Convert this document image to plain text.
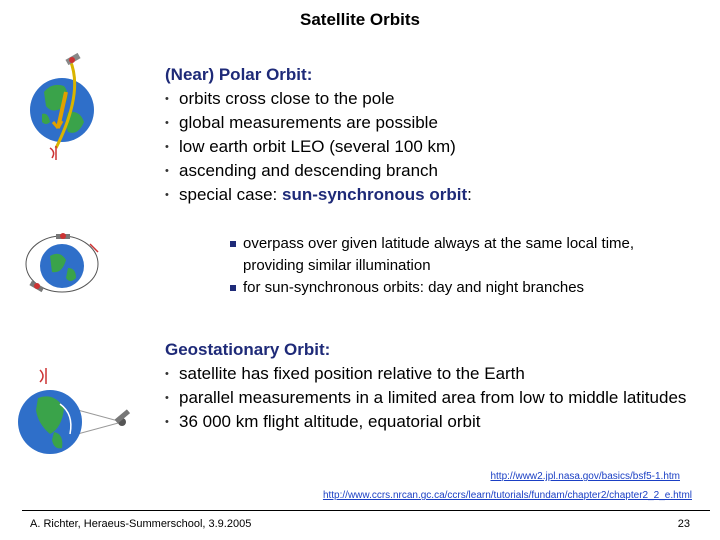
Satellite Orbits
(Near) Polar Orbit:
• orbits cross close to the pole
• global measurements are possible
• low earth orbit LEO (several 100 km)
• ascending and descending branch
• special case: sun-synchronous orbit:
overpass over given latitude always at the same local time, providing similar illumination
for sun-synchronous orbits: day and night branches
Geostationary Orbit:
• satellite has fixed position relative to the Earth
• parallel measurements in a limited area from low to middle latitudes
• 36 000 km flight altitude, equatorial orbit
http://www2.jpl.nasa.gov/basics/bsf5-1.htm
http://www.ccrs.nrcan.gc.ca/ccrs/learn/tutorials/fundam/chapter2/chapter2_2_e.html
A. Richter, Heraeus-Summerschool, 3.9.2005	23
